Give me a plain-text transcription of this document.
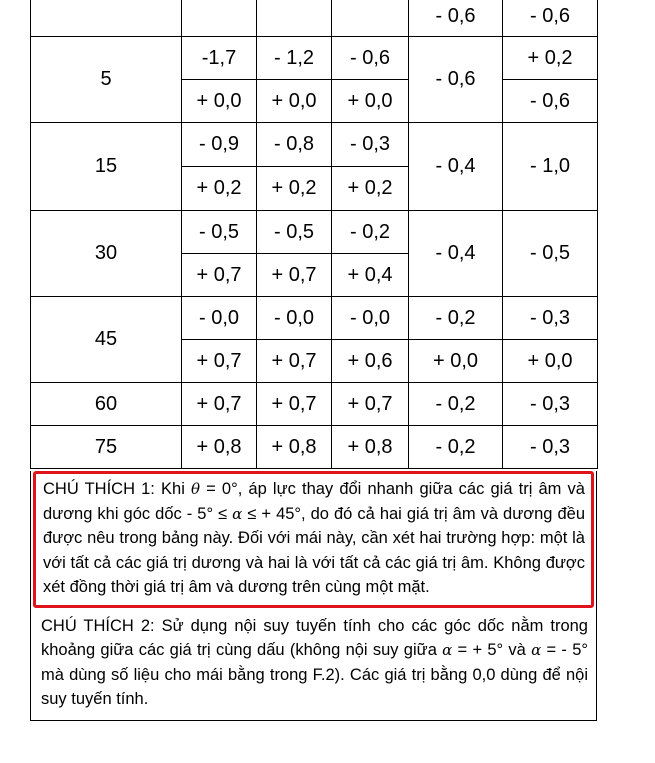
				- 0,6	- 0,6
5	-1,7	- 1,2	- 0,6	- 0,6	+ 0,2
	+ 0,0	+ 0,0	+ 0,0		- 0,6
15	- 0,9	- 0,8	- 0,3	- 0,4	- 1,0
	+ 0,2	+ 0,2	+ 0,2		
30	- 0,5	- 0,5	- 0,2	- 0,4	- 0,5
	+ 0,7	+ 0,7	+ 0,4		
45	- 0,0	- 0,0	- 0,0	- 0,2	- 0,3
	+ 0,7	+ 0,7	+ 0,6	+ 0,0	+ 0,0
60	+ 0,7	+ 0,7	+ 0,7	- 0,2	- 0,3
75	+ 0,8	+ 0,8	+ 0,8	- 0,2	- 0,3
CHÚ THÍCH 1: Khi θ = 0°, áp lực thay đổi nhanh giữa các giá trị âm và dương khi góc dốc - 5° ≤ α ≤ + 45°, do đó cả hai giá trị âm và dương đều được nêu trong bảng này. Đối với mái này, cần xét hai trường hợp: một là với tất cả các giá trị dương và hai là với tất cả các giá trị âm. Không được xét đồng thời giá trị âm và dương trên cùng một mặt.
CHÚ THÍCH 2: Sử dụng nội suy tuyến tính cho các góc dốc nằm trong khoảng giữa các giá trị cùng dấu (không nội suy giữa α = + 5° và α = - 5° mà dùng số liệu cho mái bằng trong F.2). Các giá trị bằng 0,0 dùng để nội suy tuyến tính.
